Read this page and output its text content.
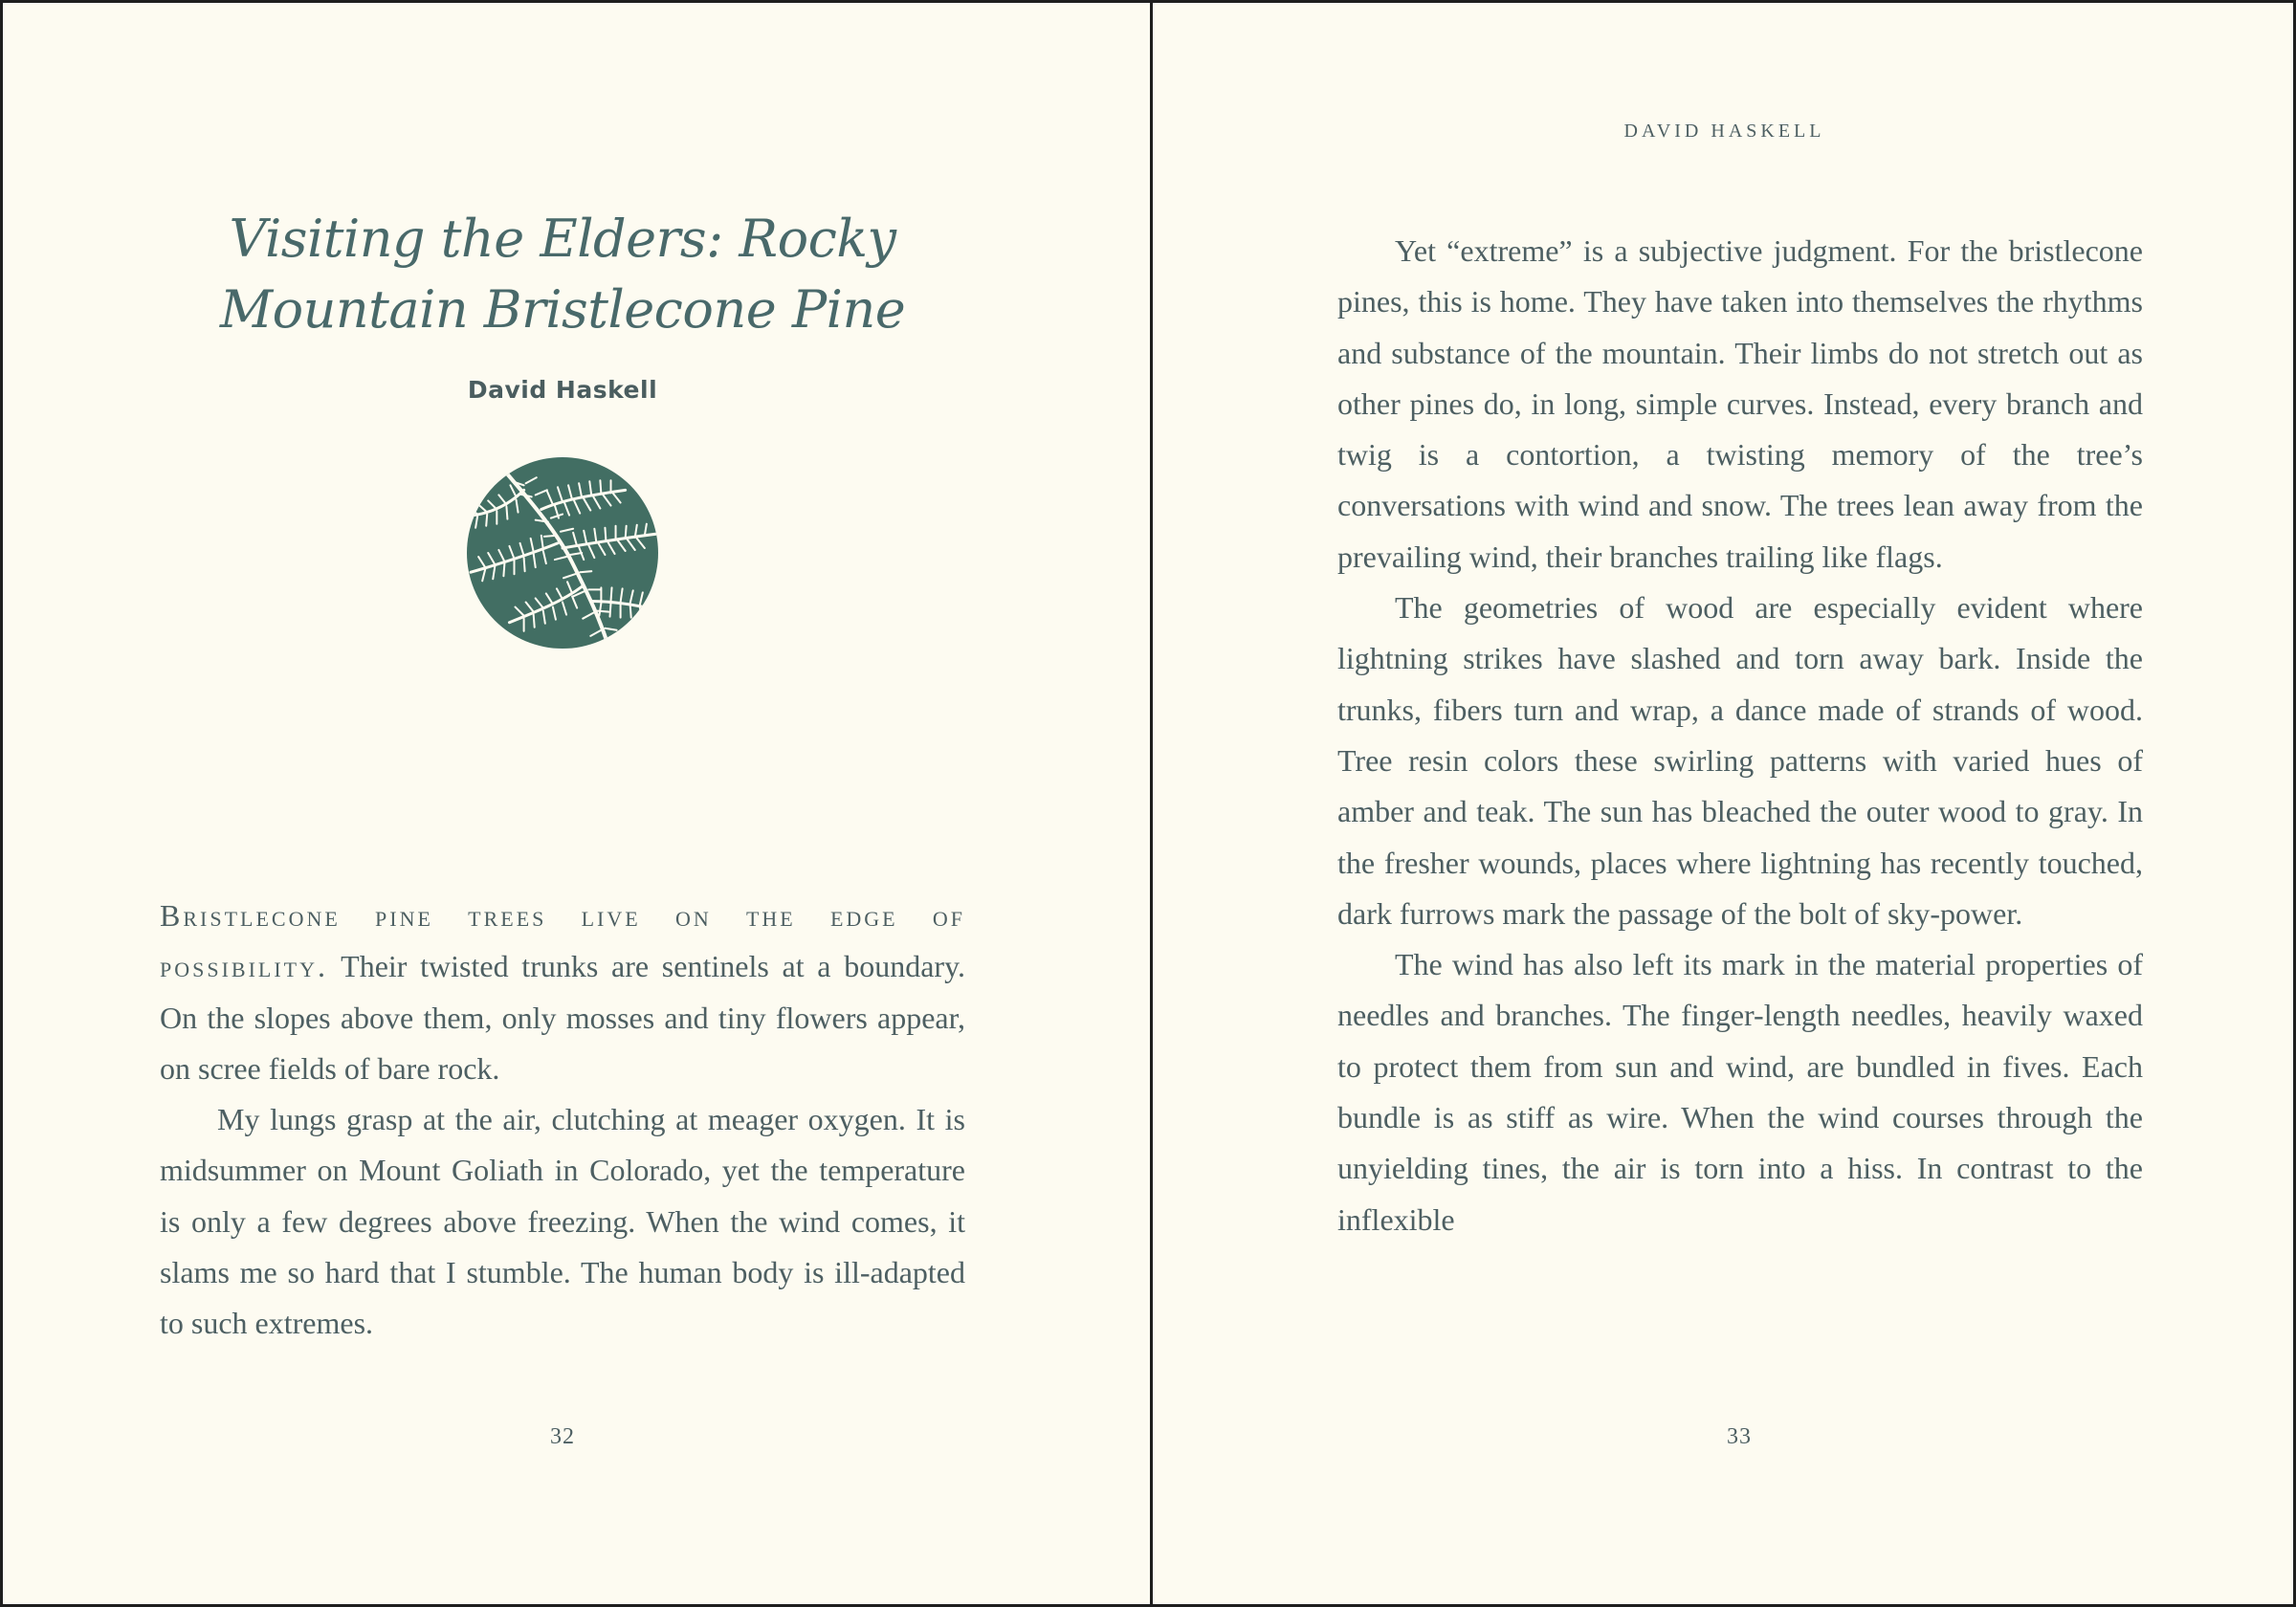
Visiting the Elders: Rocky
Mountain Bristlecone Pine
David Haskell

Bristlecone pine trees live on the edge of possibility. Their twisted trunks are sentinels at a boundary. On the slopes above them, only mosses and tiny flowers appear, on scree fields of bare rock.

My lungs grasp at the air, clutching at meager oxygen. It is midsummer on Mount Goliath in Colorado, yet the temperature is only a few degrees above freezing. When the wind comes, it slams me so hard that I stumble. The human body is ill-adapted to such extremes.

32
DAVID HASKELL

Yet “extreme” is a subjective judgment. For the bristlecone pines, this is home. They have taken into themselves the rhythms and substance of the mountain. Their limbs do not stretch out as other pines do, in long, simple curves. Instead, every branch and twig is a contortion, a twisting memory of the tree’s conversations with wind and snow. The trees lean away from the prevailing wind, their branches trailing like flags.

The geometries of wood are especially evident where lightning strikes have slashed and torn away bark. Inside the trunks, fibers turn and wrap, a dance made of strands of wood. Tree resin colors these swirling patterns with varied hues of amber and teak. The sun has bleached the outer wood to gray. In the fresher wounds, places where lightning has recently touched, dark furrows mark the passage of the bolt of sky-power.

The wind has also left its mark in the material properties of needles and branches. The finger-length needles, heavily waxed to protect them from sun and wind, are bundled in fives. Each bundle is as stiff as wire. When the wind courses through the unyielding tines, the air is torn into a hiss. In contrast to the inflexible

33
